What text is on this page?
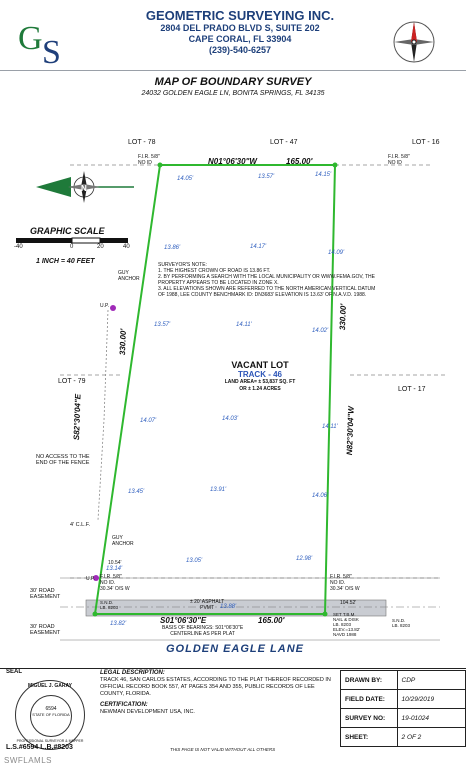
G S
GEOMETRIC SURVEYING INC.
2804 DEL PRADO BLVD S, SUITE 202
CAPE CORAL, FL 33904
(239)-540-6257
MAP OF BOUNDARY SURVEY
24032 GOLDEN EAGLE LN, BONITA SPRINGS, FL 34135
N
GRAPHIC SCALE
-40	0	20	40
1 INCH = 40 FEET
LOT - 78	LOT - 47	LOT - 16
LOT - 79
LOT - 17
N01°06'30"W	165.00'
S01°06'30"E	165.00'
S82°30'04"E
330.00'
N82°30'04"W
330.00'
F.I.R. 5/8"
NO ID
F.I.R. 5/8"
NO ID
F.I.R. 5/8"
NO ID.
30.34' O/S W
F.I.R. 5/8"
NO ID.
30.34' O/S W
SET T.B.M.
NAIL & DISK
LB. 8203
ELEV.=13.82'
NAVD 1988
14.05'	13.57'	14.15'
13.86'	14.17'
14.09'
13.57'	14.11'
14.02'
14.07'	14.03'
14.11'
13.45'	13.91'
14.06'
13.05'	12.98'
13.14'
13.88'
13.82'
SURVEYOR'S NOTE:
1. THE HIGHEST CROWN OF ROAD IS 13.86 FT.
2. BY PERFORMING A SEARCH WITH THE LOCAL MUNICIPALITY OR WWW.FEMA.GOV, THE PROPERTY APPEARS TO BE LOCATED IN ZONE X.
3. ALL ELEVATIONS SHOWN ARE REFERRED TO THE NORTH AMERICAN VERTICAL DATUM OF 1988, LEE COUNTY BENCHMARK ID: DN3683' ELEVATION IS 13.63' OF N.A.V.D. 1988.
VACANT LOT
TRACK - 46
LAND AREA= ± 53,837 SQ. FT
OR ± 1.24 ACRES
GUY
ANCHOR
U.P.
NO ACCESS TO THE
END OF THE FENCE
4' C.L.F.
GUY
ANCHOR
10.54'
U.P.
S.N.D.
LB. 8203
S.N.D.
LB. 8203
± 20' ASPHALT
PVMT
104.52'
BASIS OF BEARINGS: S01°06'30"E
CENTERLINE AS PER PLAT
30' ROAD
EASEMENT
30' ROAD
EASEMENT
GOLDEN EAGLE LANE
SEAL
MIGUEL J. GARAY
6594
STATE OF FLORIDA
PROFESSIONAL SURVEYOR & MAPPER
L.S.#6594 L.B.#8203
LEGAL DESCRIPTION:
TRACK 46, SAN CARLOS ESTATES, ACCORDING TO THE PLAT THEREOF RECORDED IN OFFICIAL RECORD BOOK 557, AT PAGES 354 AND 355, PUBLIC RECORDS OF LEE COUNTY, FLORIDA.
CERTIFICATION:
NEWMAN DEVELOPMENT USA, INC.
THIS PAGE IS NOT VALID WITHOUT ALL OTHERS
DRAWN BY:	CDP
FIELD DATE:	10/29/2019
SURVEY NO:	19-01024
SHEET:	2 OF 2
SWFLAMLS
